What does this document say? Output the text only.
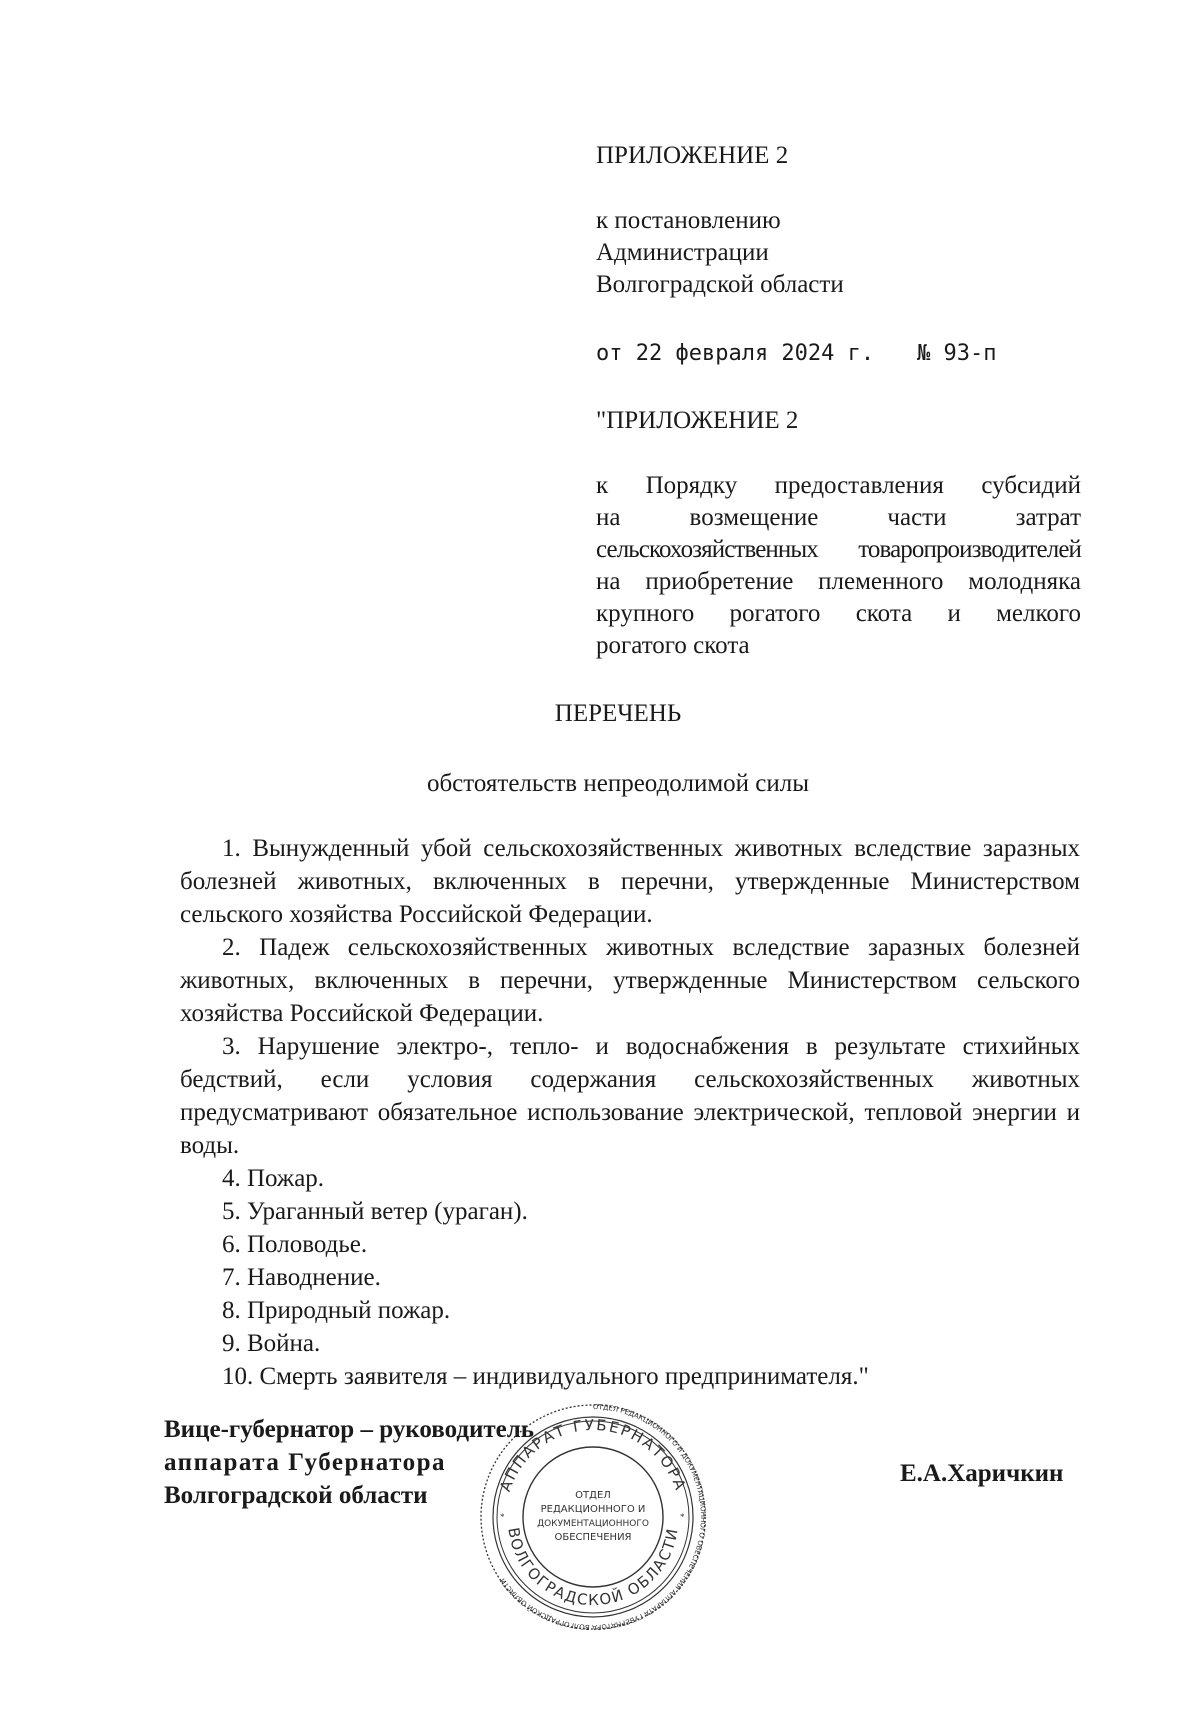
ПРИЛОЖЕНИЕ 2
к постановлению
Администрации
Волгоградской области
от 22 февраля 2024 г. № 93-п
"ПРИЛОЖЕНИЕ 2
к Порядку предоставления субсидий
на возмещение части затрат
сельскохозяйственных товаропроизводителей
на приобретение племенного молодняка
крупного рогатого скота и мелкого
рогатого скота
ПЕРЕЧЕНЬ
обстоятельств непреодолимой силы

1. Вынужденный убой сельскохозяйственных животных вследствие заразных болезней животных, включенных в перечни, утвержденные Министерством сельского хозяйства Российской Федерации.

2. Падеж сельскохозяйственных животных вследствие заразных болезней животных, включенных в перечни, утвержденные Министерством сельского хозяйства Российской Федерации.

3. Нарушение электро-, тепло- и водоснабжения в результате стихийных бедствий, если условия содержания сельскохозяйственных животных предусматривают обязательное использование электрической, тепловой энергии и воды.

4. Пожар.

5. Ураганный ветер (ураган).

6. Половодье.

7. Наводнение.

8. Природный пожар.

9. Война.

10. Смерть заявителя – индивидуального предпринимателя."

Вице-губернатор – руководитель
аппарата Губернатора
Волгоградской области
Е.А.Харичкин
ОТДЕЛ РЕДАКЦИОННОГО И ДОКУМЕНТАЦИОННОГО ОБЕСПЕЧЕНИЯ АППАРАТА ГУБЕРНАТОРА ВОЛГОГРАДСКОЙ ОБЛАСТИ
АППАРАТ ГУБЕРНАТОРА
ВОЛГОГРАДСКОЙ ОБЛАСТИ
ОТДЕЛ
РЕДАКЦИОННОГО И
ДОКУМЕНТАЦИОННОГО
ОБЕСПЕЧЕНИЯ
*	*
